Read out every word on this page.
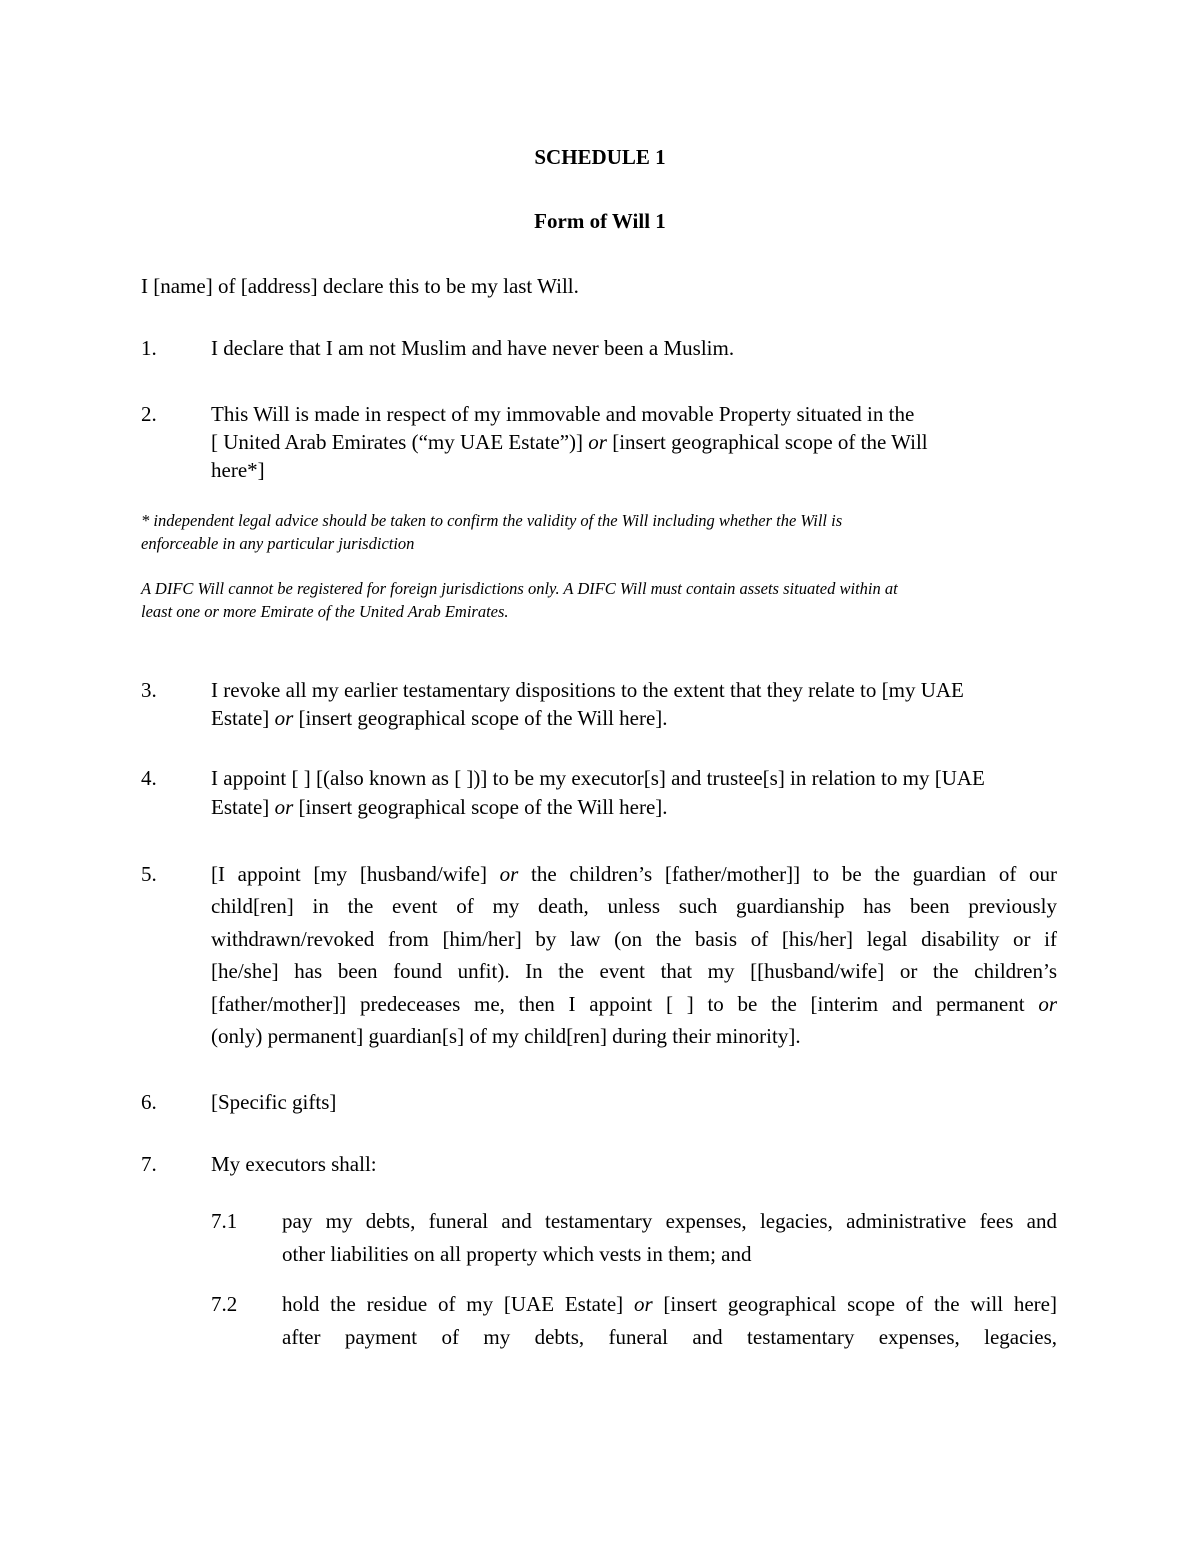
SCHEDULE 1
Form of Will 1
I [name] of [address] declare this to be my last Will.
1.	I declare that I am not Muslim and have never been a Muslim.
2.	This Will is made in respect of my immovable and movable Property situated in the
[ United Arab Emirates (“my UAE Estate”)] or [insert geographical scope of the Will
here*]
* independent legal advice should be taken to confirm the validity of the Will including whether the Will is
enforceable in any particular jurisdiction
A DIFC Will cannot be registered for foreign jurisdictions only. A DIFC Will must contain assets situated within at
least one or more Emirate of the United Arab Emirates.
3.	I revoke all my earlier testamentary dispositions to the extent that they relate to [my UAE
Estate] or [insert geographical scope of the Will here].
4.	I appoint [ ] [(also known as [ ])] to be my executor[s] and trustee[s] in relation to my [UAE
Estate] or [insert geographical scope of the Will here].
5.	[I appoint [my [husband/wife] or the children’s [father/mother]] to be the guardian of our
child[ren] in the event of my death, unless such guardianship has been previously
withdrawn/revoked from [him/her] by law (on the basis of [his/her] legal disability or if
[he/she] has been found unfit). In the event that my [[husband/wife] or the children’s
[father/mother]] predeceases me, then I appoint [ ] to be the [interim and permanent or
(only) permanent] guardian[s] of my child[ren] during their minority].
6.	[Specific gifts]
7.	My executors shall:
7.1 pay my debts, funeral and testamentary expenses, legacies, administrative fees and
other liabilities on all property which vests in them; and
7.2 hold the residue of my [UAE Estate] or [insert geographical scope of the will here]
after payment of my debts, funeral and testamentary expenses, legacies,
